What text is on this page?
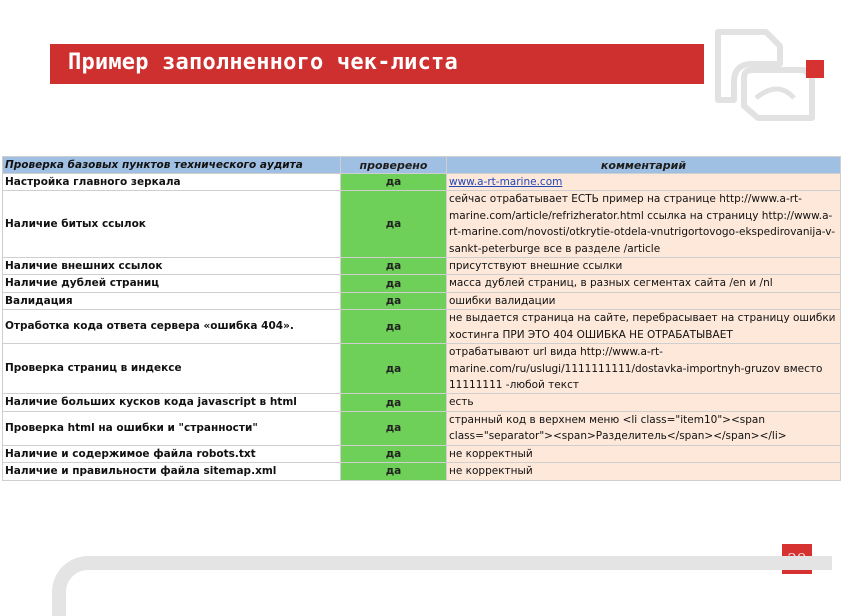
Пример заполненного чек-листа
Проверка базовых пунктов технического аудита	проверено	комментарий
Настройка главного зеркала	да	www.a-rt-marine.com
Наличие битых ссылок	да	сейчас отрабатывает ЕСТЬ пример на странице http://www.a-rt-marine.com/article/refrizherator.html ссылка на страницу http://www.a-rt-marine.com/novosti/otkrytie-otdela-vnutrigortovogo-ekspedirovanija-v-sankt-peterburge все в разделе /article
Наличие внешних ссылок	да	присутствуют внешние ссылки
Наличие дублей страниц	да	масса дублей страниц, в разных сегментах сайта /en и /nl
Валидация	да	ошибки валидации
Отработка кода ответа сервера «ошибка 404».	да	не выдается страница на сайте, перебрасывает на страницу ошибки хостинга ПРИ ЭТО 404 ОШИБКА НЕ ОТРАБАТЫВАЕТ
Проверка страниц в индексе	да	отрабатывают url вида http://www.a-rt-marine.com/ru/uslugi/1111111111/dostavka-importnyh-gruzov вместо 11111111 -любой текст
Наличие больших кусков кода javascript в html	да	есть
Проверка html на ошибки и "странности"	да	странный код в верхнем меню <li class="item10"><span class="separator"><span>Разделитель</span></span></li>
Наличие и содержимое файла robots.txt	да	не корректный
Наличие и правильности файла sitemap.xml	да	не корректный
29
